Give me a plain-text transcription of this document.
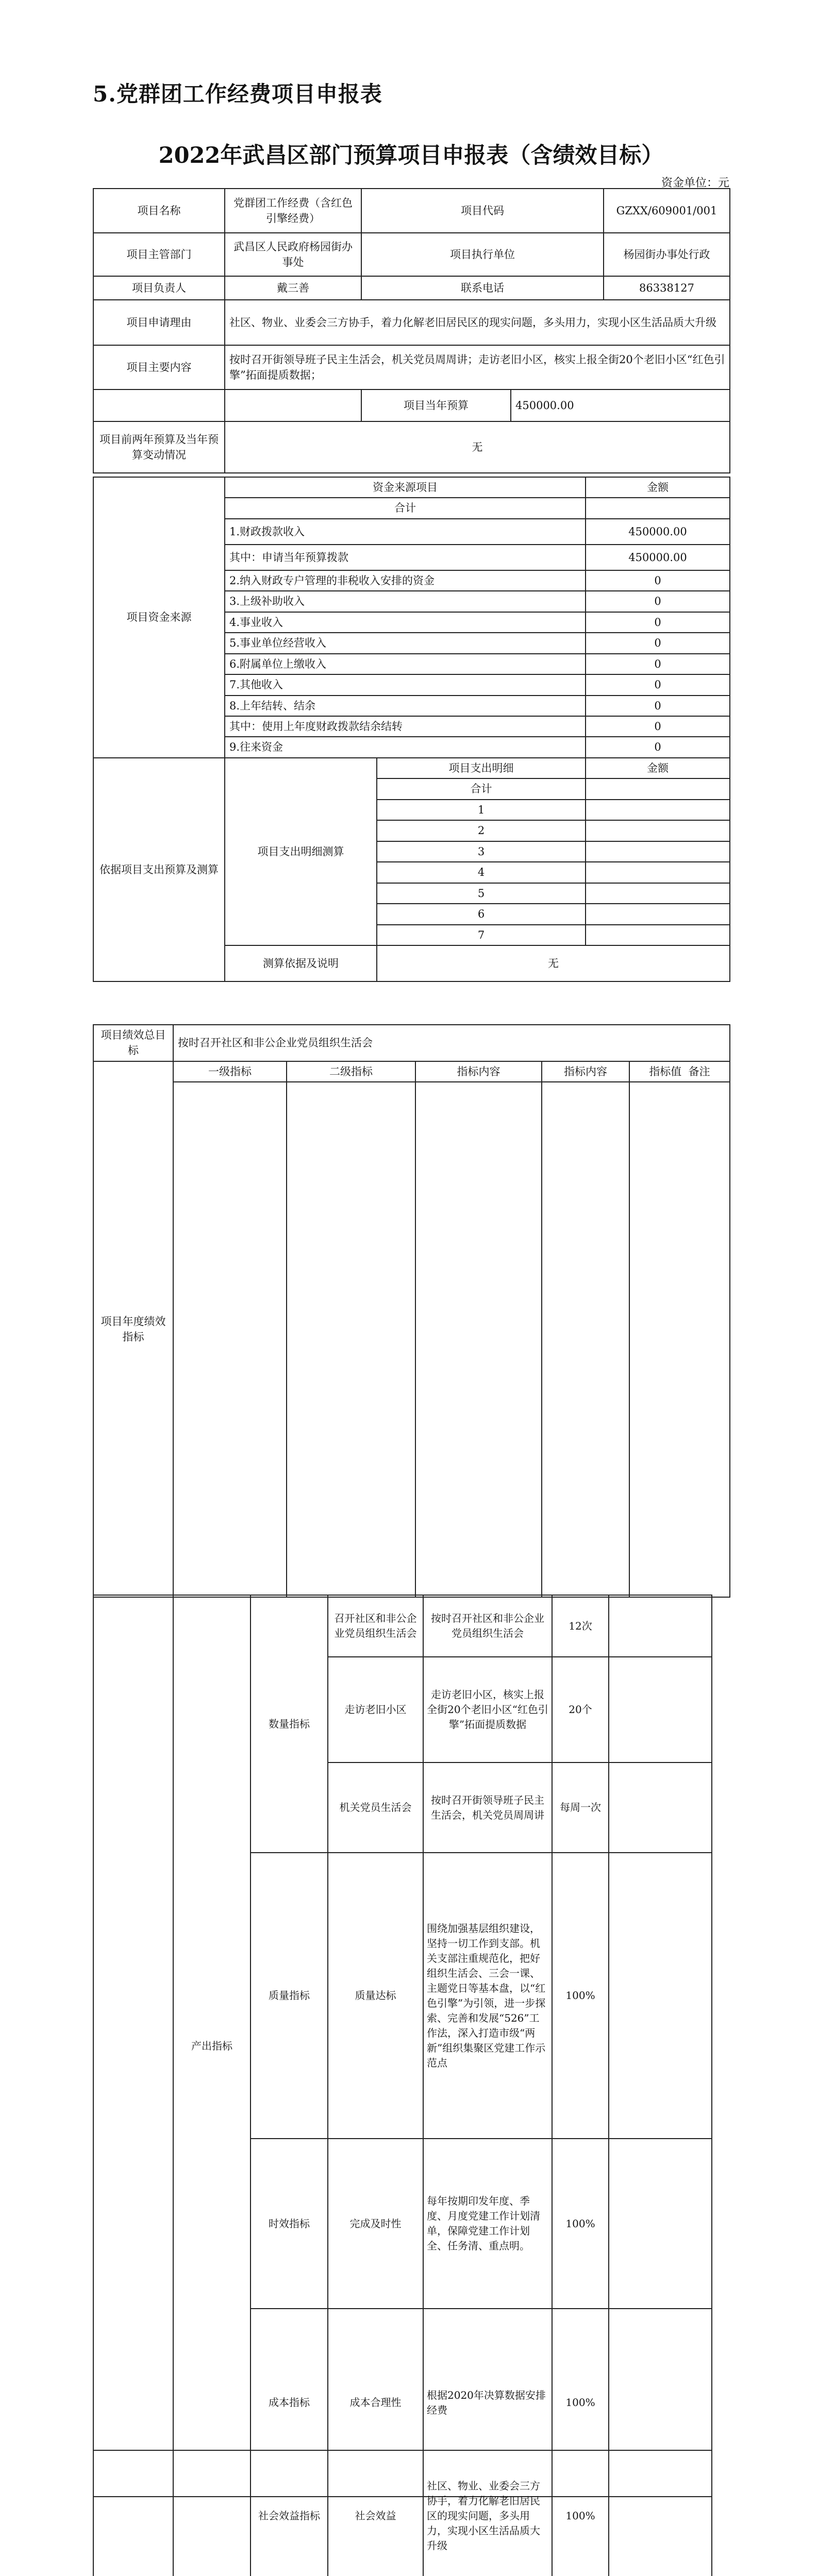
5.党群团工作经费项目申报表
2022年武昌区部门预算项目申报表（含绩效目标）
资金单位：元
项目名称	党群团工作经费（含红色引擎经费）	项目代码		GZXX/609001/001
项目主管部门	武昌区人民政府杨园街办事处	项目执行单位		杨园街办事处行政
项目负责人	戴三善	联系电话		86338127
项目申请理由	社区、物业、业委会三方协手，着力化解老旧居民区的现实问题，多头用力，实现小区生活品质大升级			
项目主要内容	按时召开街领导班子民主生活会，机关党员周周讲；走访老旧小区，核实上报全街20个老旧小区“红色引擎”拓面提质数据；			
		项目当年预算	450000.00	
项目前两年预算及当年预算变动情况	无			
项目资金来源	资金来源项目	金额
	合计	
	1.财政拨款收入	450000.00
	其中：申请当年预算拨款	450000.00
	2.纳入财政专户管理的非税收入安排的资金	0
	3.上级补助收入	0
	4.事业收入	0
	5.事业单位经营收入	0
	6.附属单位上缴收入	0
	7.其他收入	0
	8.上年结转、结余	0
	其中：使用上年度财政拨款结余结转	0
	9.往来资金	0
依据项目支出预算及测算	项目支出明细测算	项目支出明细	金额
		合计	
		1	
		2	
		3	
		4	
		5	
		6	
		7	
	测算依据及说明	无	
项目绩效总目标	按时召开社区和非公企业党员组织生活会				
项目年度绩效指标	一级指标	二级指标	指标内容	指标内容	指标值 备注

	产出指标	数量指标	召开社区和非公企业党员组织生活会	按时召开社区和非公企业党员组织生活会	12次	
			走访老旧小区	走访老旧小区，核实上报全街20个老旧小区“红色引擎”拓面提质数据	20个	
			机关党员生活会	按时召开街领导班子民主生活会，机关党员周周讲	每周一次	
		质量指标	质量达标	围绕加强基层组织建设，坚持一切工作到支部。机关支部注重规范化，把好组织生活会、三会一课、主题党日等基本盘，以“红色引擎”为引领，进一步探索、完善和发展“526”工作法，深入打造市级“两新”组织集聚区党建工作示范点	100%	
		时效指标	完成及时性	每年按期印发年度、季度、月度党建工作计划清单，保障党建工作计划全、任务清、重点明。	100%	
		成本指标	成本合理性	根据2020年决算数据安排经费	100%	
		社会效益指标	社会效益	社区、物业、业委会三方协手，着力化解老旧居民区的现实问题，多头用力，实现小区生活品质大升级	100%	
